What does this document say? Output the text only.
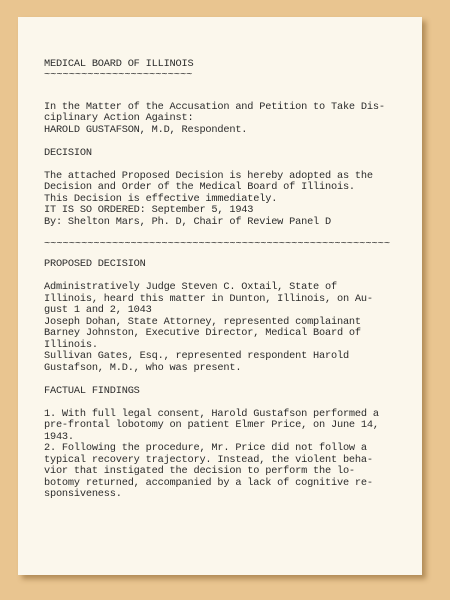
MEDICAL BOARD OF ILLINOIS
~~~~~~~~~~~~~~~~~~~~~~~~
In the Matter of the Accusation and Petition to Take Dis-
ciplinary Action Against:
HAROLD GUSTAFSON, M.D, Respondent.
DECISION
The attached Proposed Decision is hereby adopted as the
Decision and Order of the Medical Board of Illinois.
This Decision is effective immediately.
IT IS SO ORDERED: September 5, 1943
By: Shelton Mars, Ph. D, Chair of Review Panel D
~~~~~~~~~~~~~~~~~~~~~~~~~~~~~~~~~~~~~~~~~~~~~~~~~~~~~~~~
PROPOSED DECISION
Administratively Judge Steven C. Oxtail, State of
Illinois, heard this matter in Dunton, Illinois, on Au-
gust 1 and 2, 1043
Joseph Dohan, State Attorney, represented complainant
Barney Johnston, Executive Director, Medical Board of
Illinois.
Sullivan Gates, Esq., represented respondent Harold
Gustafson, M.D., who was present.
FACTUAL FINDINGS
1. With full legal consent, Harold Gustafson performed a
pre-frontal lobotomy on patient Elmer Price, on June 14,
1943.
2. Following the procedure, Mr. Price did not follow a
typical recovery trajectory. Instead, the violent beha-
vior that instigated the decision to perform the lo-
botomy returned, accompanied by a lack of cognitive re-
sponsiveness.
